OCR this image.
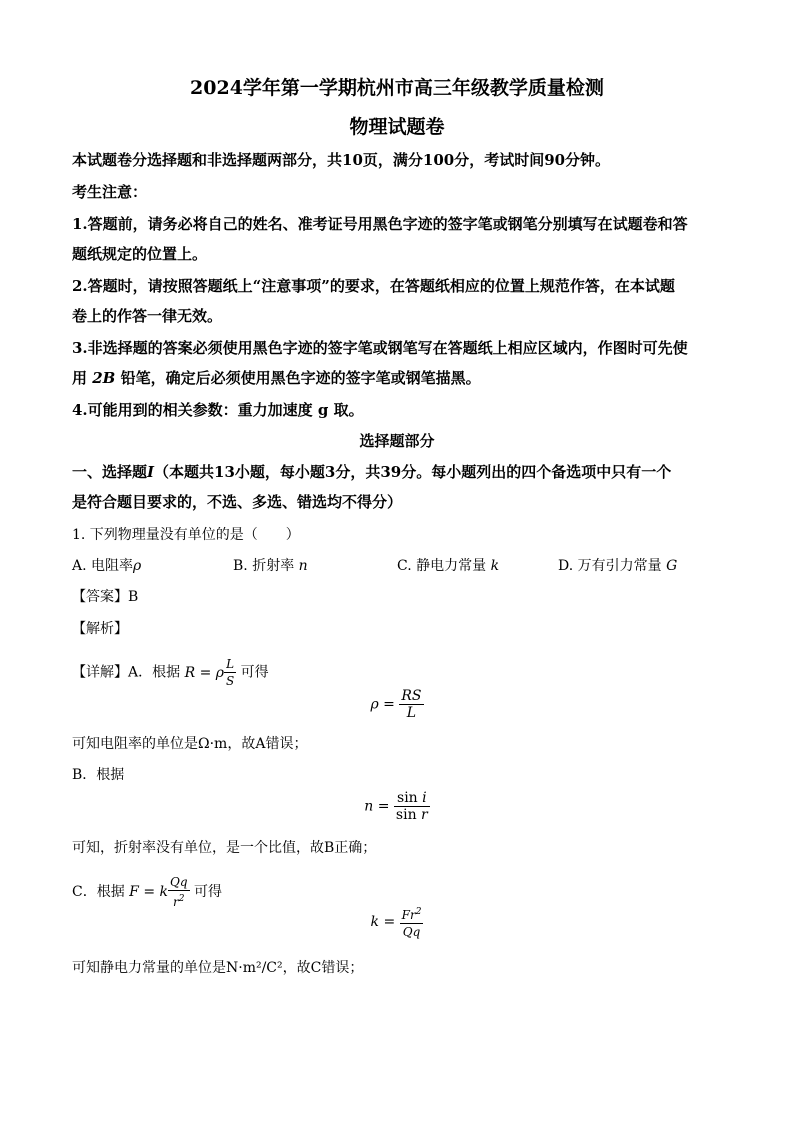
2024学年第一学期杭州市高三年级教学质量检测
物理试题卷
本试题卷分选择题和非选择题两部分，共10页，满分100分，考试时间90分钟。
考生注意：
1.答题前，请务必将自己的姓名、准考证号用黑色字迹的签字笔或钢笔分别填写在试题卷和答
题纸规定的位置上。
2.答题时，请按照答题纸上“注意事项”的要求，在答题纸相应的位置上规范作答，在本试题
卷上的作答一律无效。
3.非选择题的答案必须使用黑色字迹的签字笔或钢笔写在答题纸上相应区域内，作图时可先使
用 2B 铅笔，确定后必须使用黑色字迹的签字笔或钢笔描黑。
4.可能用到的相关参数：重力加速度 g 取。
选择题部分
一、选择题I（本题共13小题，每小题3分，共39分。每小题列出的四个备选项中只有一个
是符合题目要求的，不选、多选、错选均不得分）
1. 下列物理量没有单位的是（　　）
A. 电阻率ρ	B. 折射率 n	C. 静电力常量 k	D. 万有引力常量 G
【答案】B
【解析】
【详解】A．根据 R = ρ $\frac{L}{S}$ 可得
$\rho = \frac{RS}{L}$
可知电阻率的单位是Ω·m，故A错误；
B．根据
$n = \frac{\text{sin i}}{\text{sin r}}$
可知，折射率没有单位，是一个比值，故B正确；
C．根据 F = k $\frac{Qq}{r^2}$ 可得
$k = \frac{Fr^2}{Qq}$
可知静电力常量的单位是N·m²/C²，故C错误；
